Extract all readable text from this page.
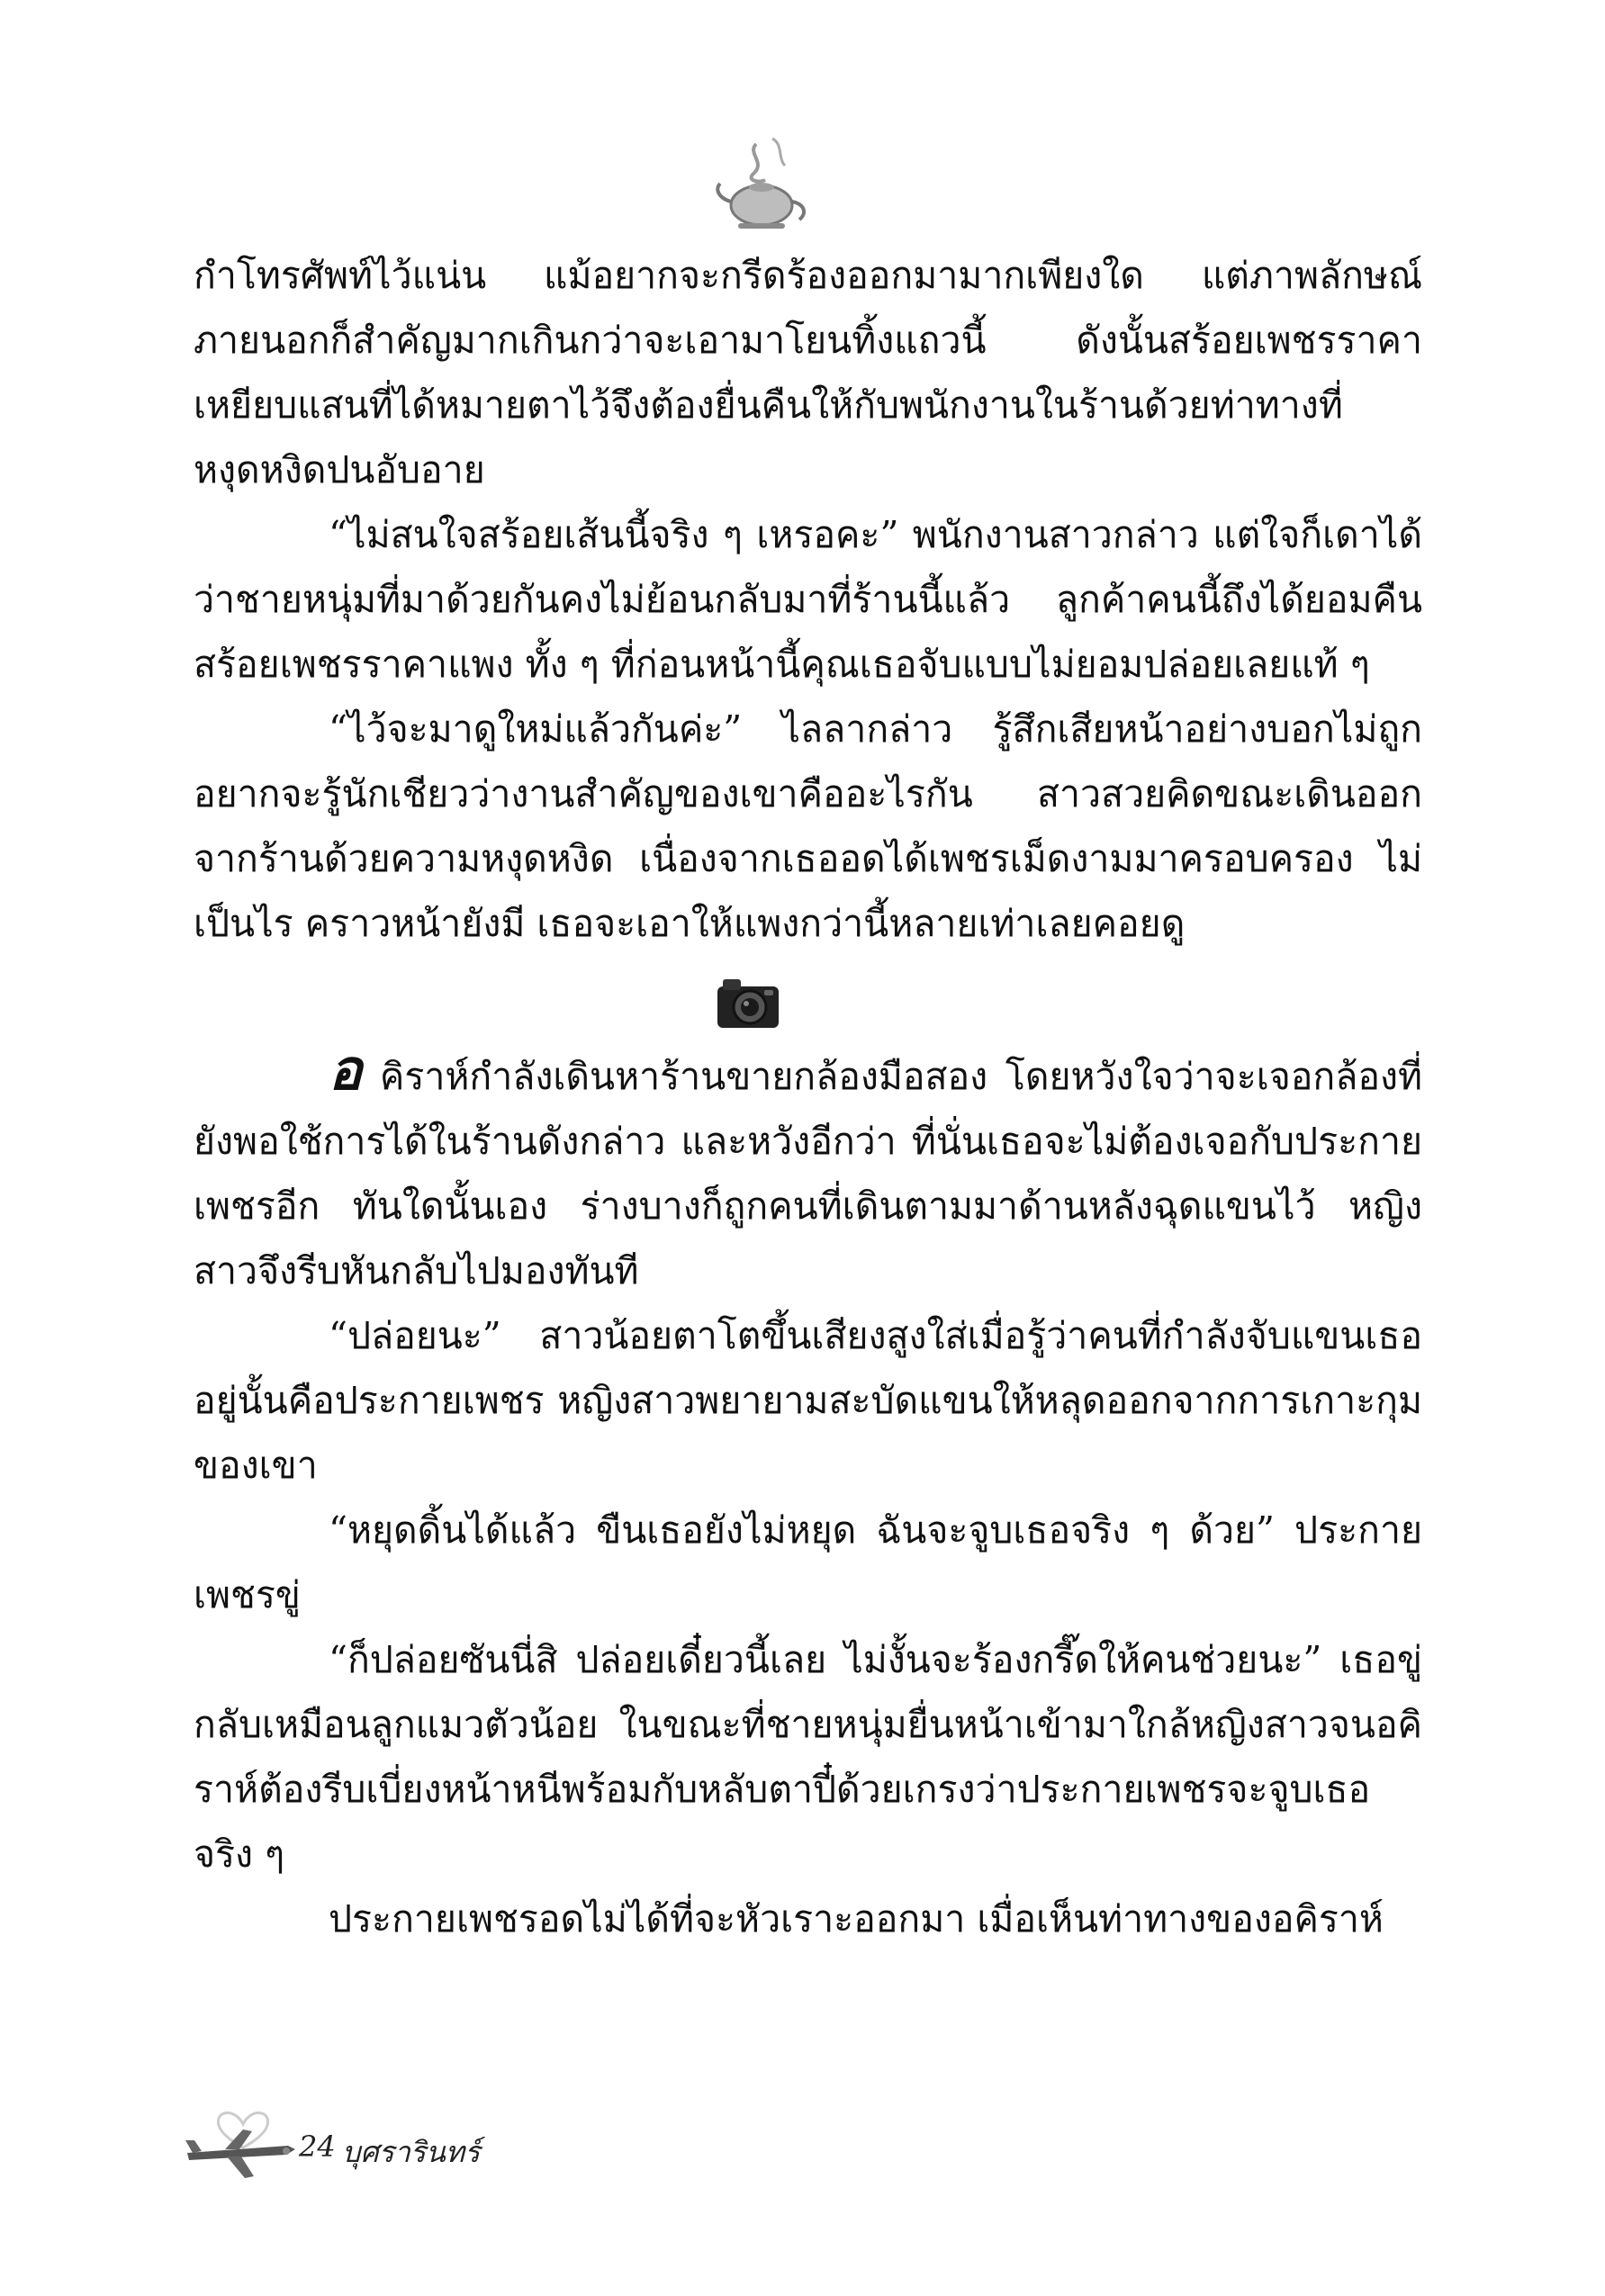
กำโทรศัพท์ไว้แน่น แม้อยากจะกรีดร้องออกมามากเพียงใด แต่ภาพลักษณ์ภายนอกก็สำคัญมากเกินกว่าจะเอามาโยนทิ้งแถวนี้ ดังนั้นสร้อยเพชรราคาเหยียบแสนที่ได้หมายตาไว้จึงต้องยื่นคืนให้กับพนักงานในร้านด้วยท่าทางที่หงุดหงิดปนอับอาย

“ไม่สนใจสร้อยเส้นนี้จริง ๆ เหรอคะ” พนักงานสาวกล่าว แต่ใจก็เดาได้ว่าชายหนุ่มที่มาด้วยกันคงไม่ย้อนกลับมาที่ร้านนี้แล้ว ลูกค้าคนนี้ถึงได้ยอมคืนสร้อยเพชรราคาแพง ทั้ง ๆ ที่ก่อนหน้านี้คุณเธอจับแบบไม่ยอมปล่อยเลยแท้ ๆ

“ไว้จะมาดูใหม่แล้วกันค่ะ” ไลลากล่าว รู้สึกเสียหน้าอย่างบอกไม่ถูก อยากจะรู้นักเชียวว่างานสำคัญของเขาคืออะไรกัน สาวสวยคิดขณะเดินออกจากร้านด้วยความหงุดหงิด เนื่องจากเธออดได้เพชรเม็ดงามมาครอบครอง ไม่เป็นไร คราวหน้ายังมี เธอจะเอาให้แพงกว่านี้หลายเท่าเลยคอยดู

อ คิราห์กำลังเดินหาร้านขายกล้องมือสอง โดยหวังใจว่าจะเจอกล้องที่ยังพอใช้การได้ในร้านดังกล่าว และหวังอีกว่า ที่นั่นเธอจะไม่ต้องเจอกับประกายเพชรอีก ทันใดนั้นเอง ร่างบางก็ถูกคนที่เดินตามมาด้านหลังฉุดแขนไว้ หญิงสาวจึงรีบหันกลับไปมองทันที

“ปล่อยนะ” สาวน้อยตาโตขึ้นเสียงสูงใส่เมื่อรู้ว่าคนที่กำลังจับแขนเธออยู่นั้นคือประกายเพชร หญิงสาวพยายามสะบัดแขนให้หลุดออกจากการเกาะกุมของเขา

“หยุดดิ้นได้แล้ว ขืนเธอยังไม่หยุด ฉันจะจูบเธอจริง ๆ ด้วย” ประกายเพชรขู่

“ก็ปล่อยซันนี่สิ ปล่อยเดี๋ยวนี้เลย ไม่งั้นจะร้องกรี๊ดให้คนช่วยนะ” เธอขู่กลับเหมือนลูกแมวตัวน้อย ในขณะที่ชายหนุ่มยื่นหน้าเข้ามาใกล้หญิงสาวจนอคิราห์ต้องรีบเบี่ยงหน้าหนีพร้อมกับหลับตาปี๋ด้วยเกรงว่าประกายเพชรจะจูบเธอจริง ๆ

ประกายเพชรอดไม่ได้ที่จะหัวเราะออกมา เมื่อเห็นท่าทางของอคิราห์

24 บุศรารินทร์
